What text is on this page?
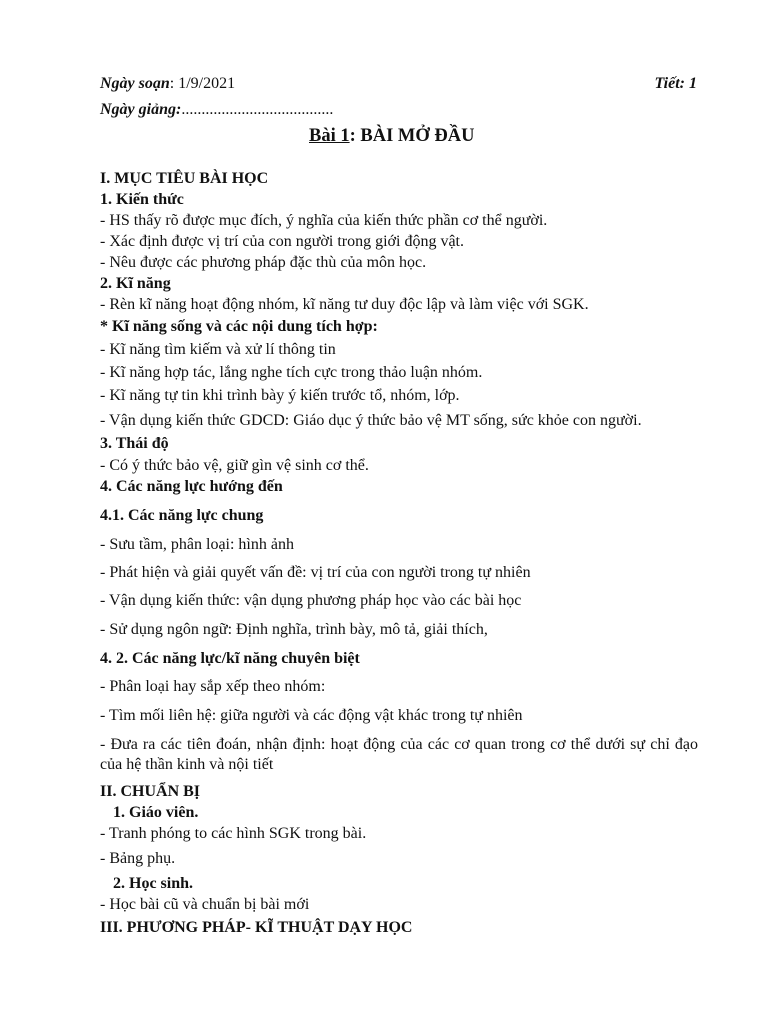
Ngày soạn: 1/9/2021	Tiết: 1
Ngày giảng:......................................
Bài 1: BÀI MỞ ĐẦU
I. MỤC TIÊU BÀI HỌC
1. Kiến thức
- HS thấy rõ được mục đích, ý nghĩa của kiến thức phần cơ thể người.
- Xác định được vị trí của con người trong giới động vật.
- Nêu được các phương pháp đặc thù của môn học.
2. Kĩ năng
- Rèn kĩ năng hoạt động nhóm, kĩ năng tư duy độc lập và làm việc với SGK.
* Kĩ năng sống và các nội dung tích hợp:
- Kĩ năng tìm kiếm và xử lí thông tin
- Kĩ năng hợp tác, lắng nghe tích cực trong thảo luận nhóm.
- Kĩ năng tự tin khi trình bày ý kiến trước tổ, nhóm, lớp.
- Vận dụng kiến thức GDCD: Giáo dục ý thức bảo vệ MT sống, sức khỏe con người.
3. Thái độ
- Có ý thức bảo vệ, giữ gìn vệ sinh cơ thể.
4. Các năng lực hướng đến
4.1. Các năng lực chung
- Sưu tầm, phân loại: hình ảnh
- Phát hiện và giải quyết vấn đề: vị trí của con người trong tự nhiên
- Vận dụng kiến thức: vận dụng phương pháp học vào các bài học
- Sử dụng ngôn ngữ: Định nghĩa, trình bày, mô tả, giải thích,
4. 2. Các năng lực/kĩ năng chuyên biệt
- Phân loại hay sắp xếp theo nhóm:
- Tìm mối liên hệ: giữa người và các động vật khác trong tự nhiên
- Đưa ra các tiên đoán, nhận định: hoạt động của các cơ quan trong cơ thể dưới sự chỉ đạo của hệ thần kinh và nội tiết
II. CHUẨN BỊ
1. Giáo viên.
- Tranh phóng to các hình SGK trong bài.
- Bảng phụ.
2. Học sinh.
- Học bài cũ và chuẩn bị bài mới
III. PHƯƠNG PHÁP- KĨ THUẬT DẠY HỌC
